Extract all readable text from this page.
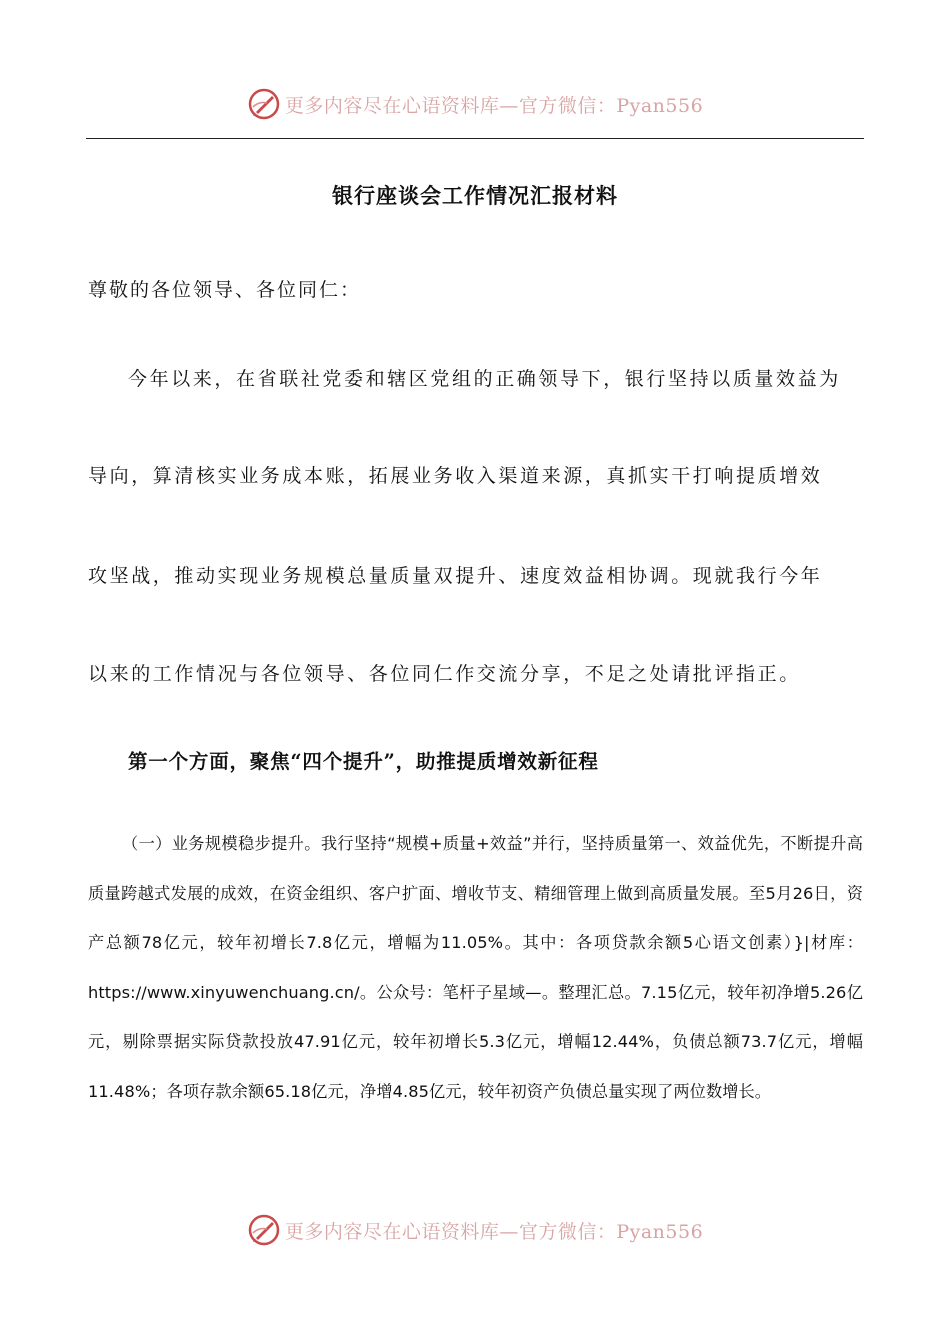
更多内容尽在心语资料库—官方微信：Pyan556
银行座谈会工作情况汇报材料
尊敬的各位领导、各位同仁：
今年以来，在省联社党委和辖区党组的正确领导下，银行坚持以质量效益为
导向，算清核实业务成本账，拓展业务收入渠道来源，真抓实干打响提质增效
攻坚战，推动实现业务规模总量质量双提升、速度效益相协调。现就我行今年
以来的工作情况与各位领导、各位同仁作交流分享，不足之处请批评指正。
第一个方面，聚焦“四个提升”，助推提质增效新征程
（一）业务规模稳步提升。我行坚持“规模+质量+效益”并行，坚持质量第一、效益优先，不断提升高质量跨越式发展的成效，在资金组织、客户扩面、增收节支、精细管理上做到高质量发展。至5月26日，资产总额78亿元，较年初增长7.8亿元，增幅为11.05%。其中：各项贷款余额5心语文创素）}|材库：https://www.xinyuwenchuang.cn/。公众号：笔杆子星域—。整理汇总。7.15亿元，较年初净增5.26亿元，剔除票据实际贷款投放47.91亿元，较年初增长5.3亿元，增幅12.44%，负债总额73.7亿元，增幅11.48%；各项存款余额65.18亿元，净增4.85亿元，较年初资产负债总量实现了两位数增长。
更多内容尽在心语资料库—官方微信：Pyan556
